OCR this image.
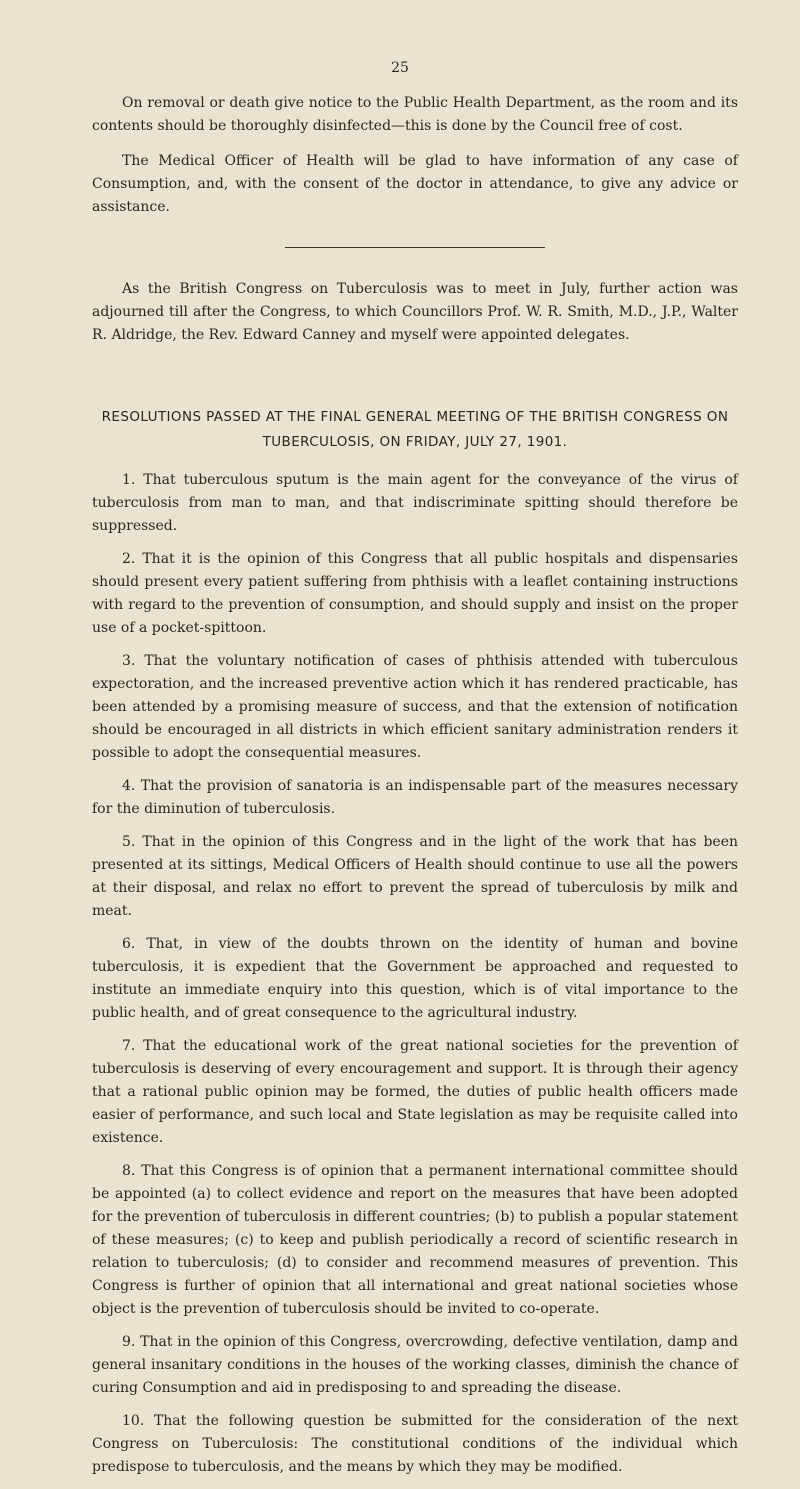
25

On removal or death give notice to the Public Health Department, as the room and its contents should be thoroughly disinfected—this is done by the Council free of cost.

The Medical Officer of Health will be glad to have information of any case of Consumption, and, with the consent of the doctor in attendance, to give any advice or assistance.

As the British Congress on Tuberculosis was to meet in July, further action was adjourned till after the Congress, to which Councillors Prof. W. R. Smith, M.D., J.P., Walter R. Aldridge, the Rev. Edward Canney and myself were appointed delegates.

RESOLUTIONS PASSED AT THE FINAL GENERAL MEETING OF THE BRITISH CONGRESS ON
TUBERCULOSIS, ON FRIDAY, JULY 27, 1901.

1. That tuberculous sputum is the main agent for the conveyance of the virus of tuberculosis from man to man, and that indiscriminate spitting should therefore be suppressed.

2. That it is the opinion of this Congress that all public hospitals and dispensaries should present every patient suffering from phthisis with a leaflet containing instructions with regard to the prevention of consumption, and should supply and insist on the proper use of a pocket-spittoon.

3. That the voluntary notification of cases of phthisis attended with tuberculous expectoration, and the increased preventive action which it has rendered practicable, has been attended by a promising measure of success, and that the extension of notification should be encouraged in all districts in which efficient sanitary administration renders it possible to adopt the consequential measures.

4. That the provision of sanatoria is an indispensable part of the measures necessary for the diminution of tuberculosis.

5. That in the opinion of this Congress and in the light of the work that has been presented at its sittings, Medical Officers of Health should continue to use all the powers at their disposal, and relax no effort to prevent the spread of tuberculosis by milk and meat.

6. That, in view of the doubts thrown on the identity of human and bovine tuberculosis, it is expedient that the Government be approached and requested to institute an immediate enquiry into this question, which is of vital importance to the public health, and of great consequence to the agricultural industry.

7. That the educational work of the great national societies for the prevention of tuberculosis is deserving of every encouragement and support. It is through their agency that a rational public opinion may be formed, the duties of public health officers made easier of performance, and such local and State legislation as may be requisite called into existence.

8. That this Congress is of opinion that a permanent international committee should be appointed (a) to collect evidence and report on the measures that have been adopted for the prevention of tuberculosis in different countries; (b) to publish a popular statement of these measures; (c) to keep and publish periodically a record of scientific research in relation to tuberculosis; (d) to consider and recommend measures of prevention. This Congress is further of opinion that all international and great national societies whose object is the prevention of tuberculosis should be invited to co-operate.

9. That in the opinion of this Congress, overcrowding, defective ventilation, damp and general insanitary conditions in the houses of the working classes, diminish the chance of curing Consumption and aid in predisposing to and spreading the disease.

10. That the following question be submitted for the consideration of the next Congress on Tuberculosis: The constitutional conditions of the individual which predispose to tuberculosis, and the means by which they may be modified.
